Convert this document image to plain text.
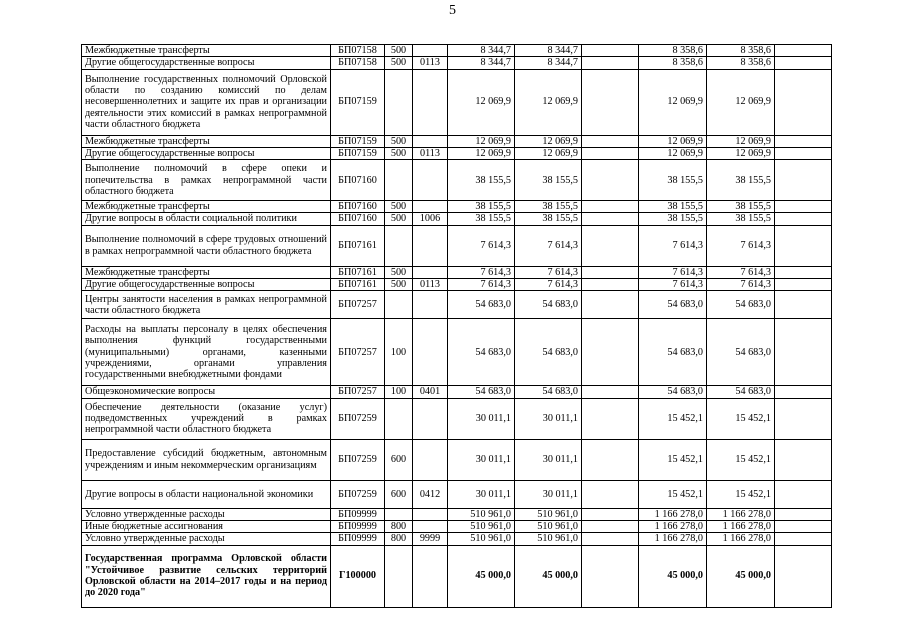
5
Межбюджетные трансферты	БП07158	500		8 344,7	8 344,7		8 358,6	8 358,6	
Другие общегосударственные вопросы	БП07158	500	0113	8 344,7	8 344,7		8 358,6	8 358,6	
Выполнение государственных полномочий Орловской области по созданию комиссий по делам несовершеннолетних и защите их прав и организации деятельности этих комиссий в рамках непрограммной части областного бюджета	БП07159			12 069,9	12 069,9		12 069,9	12 069,9	
Межбюджетные трансферты	БП07159	500		12 069,9	12 069,9		12 069,9	12 069,9	
Другие общегосударственные вопросы	БП07159	500	0113	12 069,9	12 069,9		12 069,9	12 069,9	
Выполнение полномочий в сфере опеки и попечительства в рамках непрограммной части областного бюджета	БП07160			38 155,5	38 155,5		38 155,5	38 155,5	
Межбюджетные трансферты	БП07160	500		38 155,5	38 155,5		38 155,5	38 155,5	
Другие вопросы в области социальной политики	БП07160	500	1006	38 155,5	38 155,5		38 155,5	38 155,5	
Выполнение полномочий в сфере трудовых отношений в рамках непрограммной части областного бюджета	БП07161			7 614,3	7 614,3		7 614,3	7 614,3	
Межбюджетные трансферты	БП07161	500		7 614,3	7 614,3		7 614,3	7 614,3	
Другие общегосударственные вопросы	БП07161	500	0113	7 614,3	7 614,3		7 614,3	7 614,3	
Центры занятости населения в рамках непрограммной части областного бюджета	БП07257			54 683,0	54 683,0		54 683,0	54 683,0	
Расходы на выплаты персоналу в целях обеспечения выполнения функций государственными (муниципальными) органами, казенными учреждениями, органами управления государственными внебюджетными фондами	БП07257	100		54 683,0	54 683,0		54 683,0	54 683,0	
Общеэкономические вопросы	БП07257	100	0401	54 683,0	54 683,0		54 683,0	54 683,0	
Обеспечение деятельности (оказание услуг) подведомственных учреждений в рамках непрограммной части областного бюджета	БП07259			30 011,1	30 011,1		15 452,1	15 452,1	
Предоставление субсидий бюджетным, автономным учреждениям и иным некоммерческим организациям	БП07259	600		30 011,1	30 011,1		15 452,1	15 452,1	
Другие вопросы в области национальной экономики	БП07259	600	0412	30 011,1	30 011,1		15 452,1	15 452,1	
Условно утвержденные расходы	БП09999			510 961,0	510 961,0		1 166 278,0	1 166 278,0	
Иные бюджетные ассигнования	БП09999	800		510 961,0	510 961,0		1 166 278,0	1 166 278,0	
Условно утвержденные расходы	БП09999	800	9999	510 961,0	510 961,0		1 166 278,0	1 166 278,0	
Государственная программа Орловской области "Устойчивое развитие сельских территорий Орловской области на 2014–2017 годы и на период до 2020 года"	Г100000			45 000,0	45 000,0		45 000,0	45 000,0	
